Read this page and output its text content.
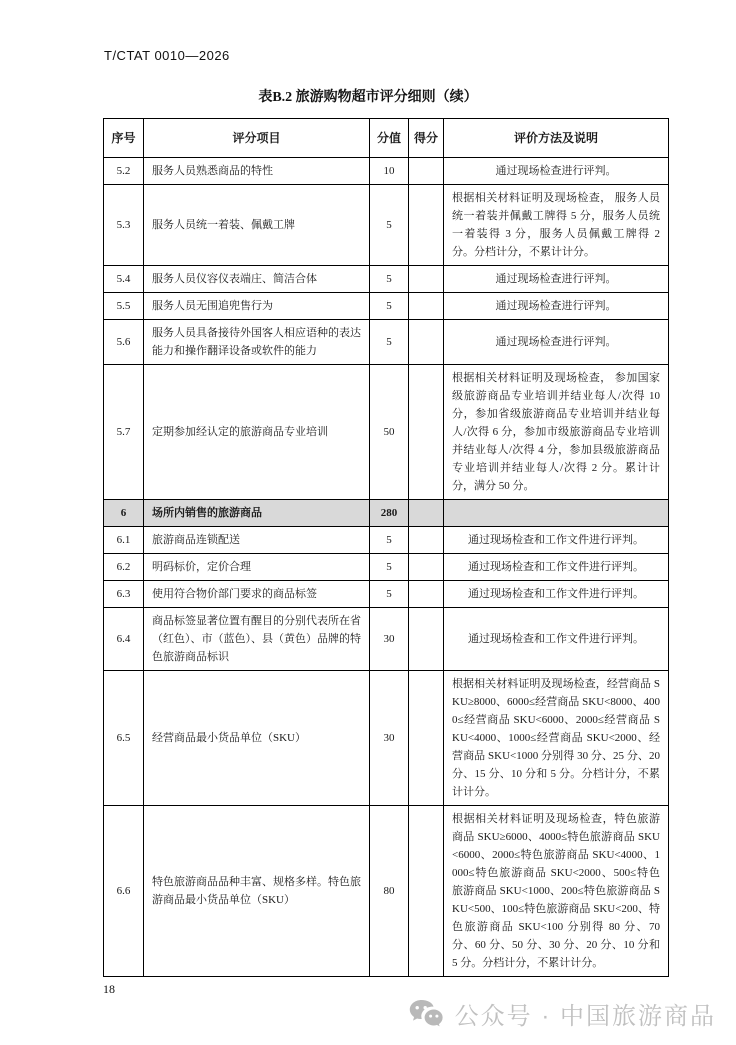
T/CTAT 0010—2026
表B.2 旅游购物超市评分细则（续）
序号	评分项目	分值	得分	评价方法及说明
5.2	服务人员熟悉商品的特性	10		通过现场检查进行评判。
5.3	服务人员统一着装、佩戴工牌	5		根据相关材料证明及现场检查， 服务人员统一着装并佩戴工牌得 5 分，服务人员统一着装得 3 分，服务人员佩戴工牌得 2 分。分档计分，不累计计分。
5.4	服务人员仪容仪表端庄、简洁合体	5		通过现场检查进行评判。
5.5	服务人员无围追兜售行为	5		通过现场检查进行评判。
5.6	服务人员具备接待外国客人相应语种的表达能力和操作翻译设备或软件的能力	5		通过现场检查进行评判。
5.7	定期参加经认定的旅游商品专业培训	50		根据相关材料证明及现场检查， 参加国家级旅游商品专业培训并结业每人/次得 10 分，参加省级旅游商品专业培训并结业每人/次得 6 分，参加市级旅游商品专业培训并结业每人/次得 4 分，参加县级旅游商品专业培训并结业每人/次得 2 分。累计计分，满分 50 分。
6	场所内销售的旅游商品	280		
6.1	旅游商品连锁配送	5		通过现场检查和工作文件进行评判。
6.2	明码标价，定价合理	5		通过现场检查和工作文件进行评判。
6.3	使用符合物价部门要求的商品标签	5		通过现场检查和工作文件进行评判。
6.4	商品标签显著位置有醒目的分别代表所在省（红色）、市（蓝色）、县（黄色）品牌的特色旅游商品标识	30		通过现场检查和工作文件进行评判。
6.5	经营商品最小货品单位（SKU）	30		根据相关材料证明及现场检查，经营商品 SKU≥8000、6000≤经营商品 SKU<8000、4000≤经营商品 SKU<6000、2000≤经营商品 SKU<4000、1000≤经营商品 SKU<2000、经营商品 SKU<1000 分别得 30 分、25 分、20 分、15 分、10 分和 5 分。分档计分，不累计计分。
6.6	特色旅游商品品种丰富、规格多样。特色旅游商品最小货品单位（SKU）	80		根据相关材料证明及现场检查，特色旅游商品 SKU≥6000、4000≤特色旅游商品 SKU<6000、2000≤特色旅游商品 SKU<4000、1000≤特色旅游商品 SKU<2000、500≤特色旅游商品 SKU<1000、200≤特色旅游商品 SKU<500、100≤特色旅游商品 SKU<200、特色旅游商品 SKU<100 分别得 80 分、70 分、60 分、50 分、30 分、20 分、10 分和 5 分。分档计分，不累计计分。
18
公众号 · 中国旅游商品
